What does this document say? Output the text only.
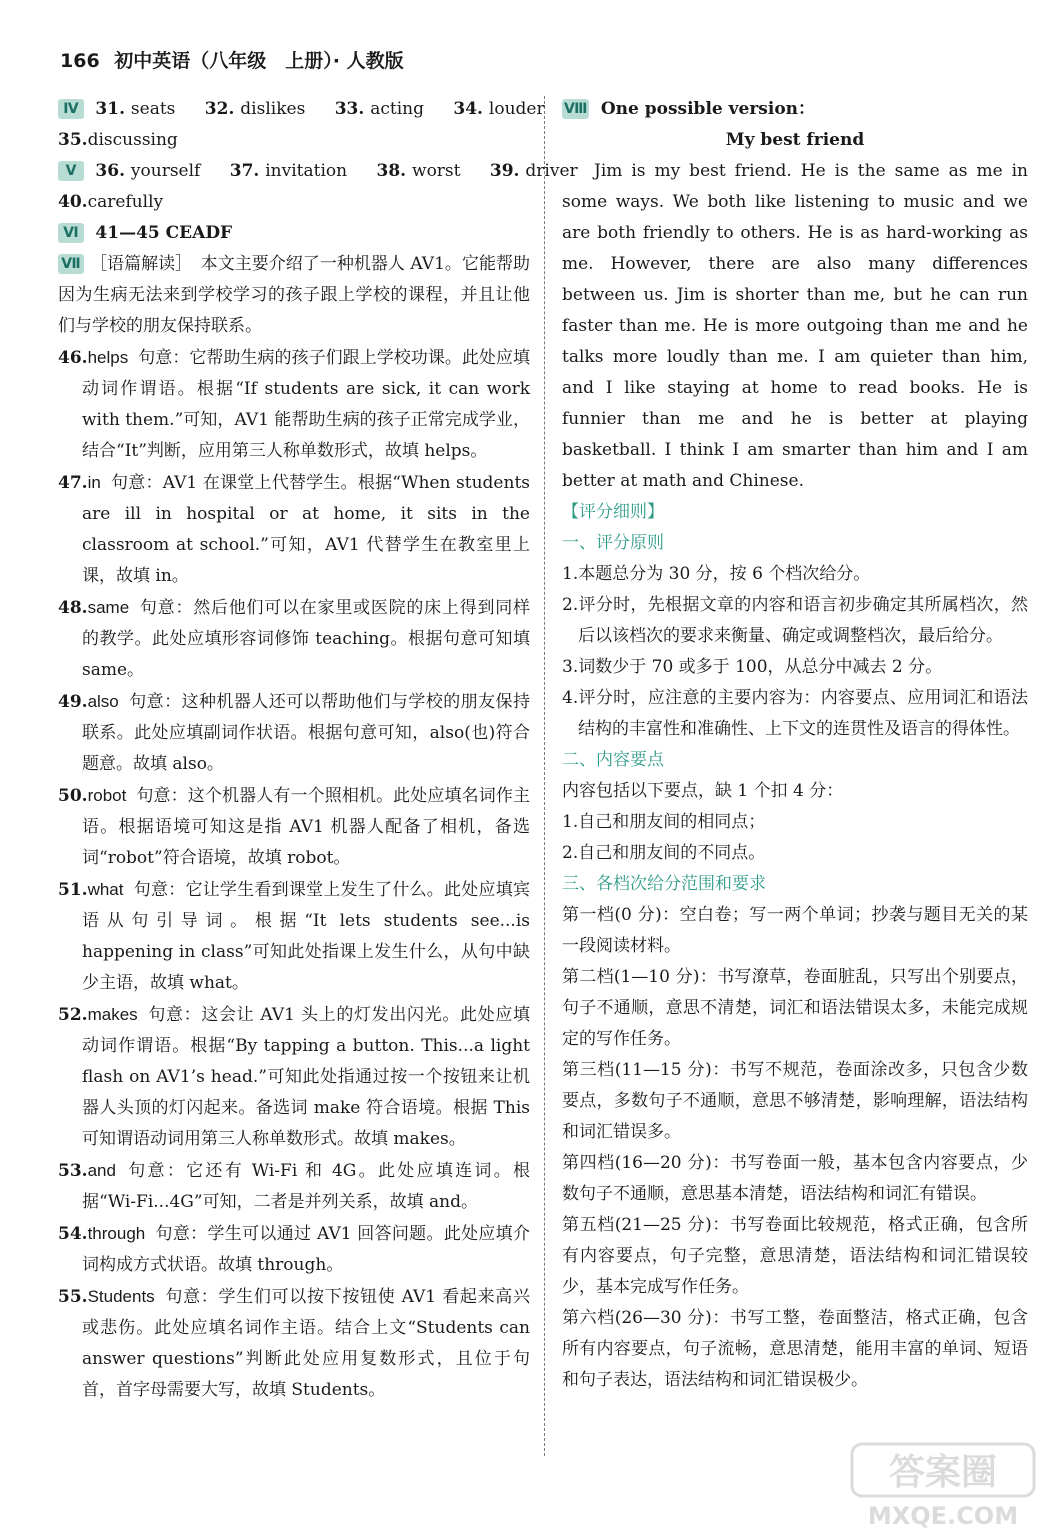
166 初中英语（八年级　上册）· 人教版
Ⅳ 31. seats 32. dislikes 33. acting 34. louder
35.discussing
Ⅴ 36. yourself 37. invitation 38. worst 39. driver
40.carefully
Ⅵ 41—45 CEADF
Ⅶ ［语篇解读］　本文主要介绍了一种机器人 AV1。它能帮助因为生病无法来到学校学习的孩子跟上学校的课程，并且让他们与学校的朋友保持联系。
46.helps 句意：它帮助生病的孩子们跟上学校功课。此处应填动词作谓语。根据“If students are sick, it can work with them.”可知，AV1 能帮助生病的孩子正常完成学业，结合“It”判断，应用第三人称单数形式，故填 helps。
47.in 句意：AV1 在课堂上代替学生。根据“When students are ill in hospital or at home, it sits in the classroom at school.”可知，AV1 代替学生在教室里上课，故填 in。
48.same 句意：然后他们可以在家里或医院的床上得到同样的教学。此处应填形容词修饰 teaching。根据句意可知填 same。
49.also 句意：这种机器人还可以帮助他们与学校的朋友保持联系。此处应填副词作状语。根据句意可知，also(也)符合题意。故填 also。
50.robot 句意：这个机器人有一个照相机。此处应填名词作主语。根据语境可知这是指 AV1 机器人配备了相机，备选词“robot”符合语境，故填 robot。
51.what 句意：它让学生看到课堂上发生了什么。此处应填宾语从句引导词。根据“It lets students see...is happening in class”可知此处指课上发生什么，从句中缺少主语，故填 what。
52.makes 句意：这会让 AV1 头上的灯发出闪光。此处应填动词作谓语。根据“By tapping a button. This...a light flash on AV1’s head.”可知此处指通过按一个按钮来让机器人头顶的灯闪起来。备选词 make 符合语境。根据 This 可知谓语动词用第三人称单数形式。故填 makes。
53.and 句意：它还有 Wi-Fi 和 4G。此处应填连词。根据“Wi-Fi...4G”可知，二者是并列关系，故填 and。
54.through 句意：学生可以通过 AV1 回答问题。此处应填介词构成方式状语。故填 through。
55.Students 句意：学生们可以按下按钮使 AV1 看起来高兴或悲伤。此处应填名词作主语。结合上文“Students can answer questions”判断此处应用复数形式，且位于句首，首字母需要大写，故填 Students。
Ⅷ One possible version：
My best friend

Jim is my best friend. He is the same as me in some ways. We both like listening to music and we are both friendly to others. He is as hard-working as me. However, there are also many differences between us. Jim is shorter than me, but he can run faster than me. He is more outgoing than me and he talks more loudly than me. I am quieter than him, and I like staying at home to read books. He is funnier than me and he is better at playing basketball. I think I am smarter than him and I am better at math and Chinese.

【评分细则】
一、评分原则
1.本题总分为 30 分，按 6 个档次给分。
2.评分时，先根据文章的内容和语言初步确定其所属档次，然后以该档次的要求来衡量、确定或调整档次，最后给分。
3.词数少于 70 或多于 100，从总分中减去 2 分。
4.评分时，应注意的主要内容为：内容要点、应用词汇和语法结构的丰富性和准确性、上下文的连贯性及语言的得体性。
二、内容要点
内容包括以下要点，缺 1 个扣 4 分：
1.自己和朋友间的相同点；
2.自己和朋友间的不同点。
三、各档次给分范围和要求
第一档(0 分)：空白卷；写一两个单词；抄袭与题目无关的某一段阅读材料。
第二档(1—10 分)：书写潦草，卷面脏乱，只写出个别要点，句子不通顺，意思不清楚，词汇和语法错误太多，未能完成规定的写作任务。
第三档(11—15 分)：书写不规范，卷面涂改多，只包含少数要点，多数句子不通顺，意思不够清楚，影响理解，语法结构和词汇错误多。
第四档(16—20 分)：书写卷面一般，基本包含内容要点，少数句子不通顺，意思基本清楚，语法结构和词汇有错误。
第五档(21—25 分)：书写卷面比较规范，格式正确，包含所有内容要点，句子完整，意思清楚，语法结构和词汇错误较少，基本完成写作任务。
第六档(26—30 分)：书写工整，卷面整洁，格式正确，包含所有内容要点，句子流畅，意思清楚，能用丰富的单词、短语和句子表达，语法结构和词汇错误极少。
答案圈
MXQE.COM
